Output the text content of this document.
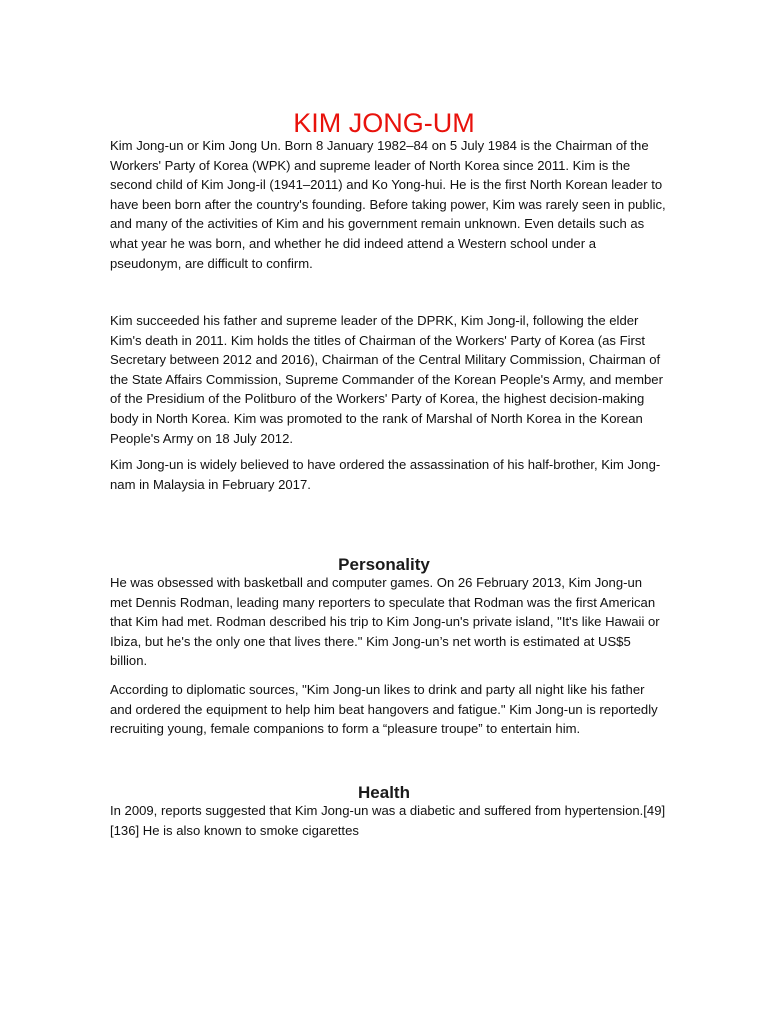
KIM JONG-UM

Kim Jong-un or Kim Jong Un. Born 8 January 1982–84 on 5 July 1984 is the Chairman of the Workers' Party of Korea (WPK) and supreme leader of North Korea since 2011. Kim is the second child of Kim Jong-il (1941–2011) and Ko Yong-hui. He is the first North Korean leader to have been born after the country's founding. Before taking power, Kim was rarely seen in public, and many of the activities of Kim and his government remain unknown. Even details such as what year he was born, and whether he did indeed attend a Western school under a pseudonym, are difficult to confirm.

Kim succeeded his father and supreme leader of the DPRK, Kim Jong-il, following the elder Kim's death in 2011. Kim holds the titles of Chairman of the Workers' Party of Korea (as First Secretary between 2012 and 2016), Chairman of the Central Military Commission, Chairman of the State Affairs Commission, Supreme Commander of the Korean People's Army, and member of the Presidium of the Politburo of the Workers' Party of Korea, the highest decision-making body in North Korea. Kim was promoted to the rank of Marshal of North Korea in the Korean People's Army on 18 July 2012.

Kim Jong-un is widely believed to have ordered the assassination of his half-brother, Kim Jong-nam in Malaysia in February 2017.

Personality

He was obsessed with basketball and computer games. On 26 February 2013, Kim Jong-un met Dennis Rodman, leading many reporters to speculate that Rodman was the first American that Kim had met. Rodman described his trip to Kim Jong-un's private island, "It's like Hawaii or Ibiza, but he's the only one that lives there." Kim Jong-un’s net worth is estimated at US$5 billion.

According to diplomatic sources, "Kim Jong-un likes to drink and party all night like his father and ordered the equipment to help him beat hangovers and fatigue." Kim Jong-un is reportedly recruiting young, female companions to form a “pleasure troupe” to entertain him.

Health

In 2009, reports suggested that Kim Jong-un was a diabetic and suffered from hypertension.[49][136] He is also known to smoke cigarettes
